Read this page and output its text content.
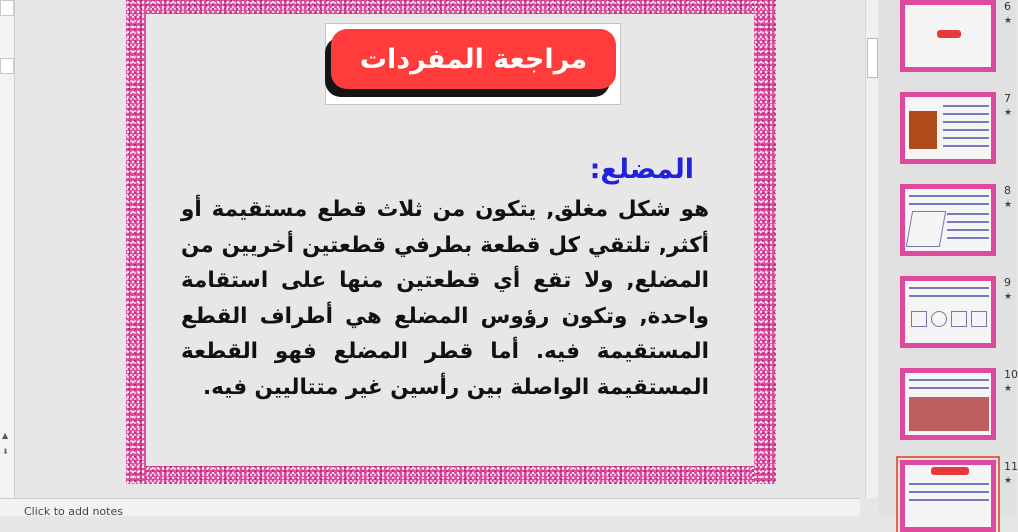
▲
⇟
مراجعة المفردات
المضلع:
هو شكل مغلق, يتكون من ثلاث قطع مستقيمة أو
أكثر, تلتقي كل قطعة بطرفي قطعتين أخريين من
المضلع, ولا تقع أي قطعتين منها على استقامة
واحدة, وتكون رؤوس المضلع هي أطراف القطع
المستقيمة فيه. أما قطر المضلع فهو القطعة
المستقيمة الواصلة بين رأسين غير متتاليين فيه.
6
★
7
★
8
★
9
★
10
★
11
★
Click to add notes
